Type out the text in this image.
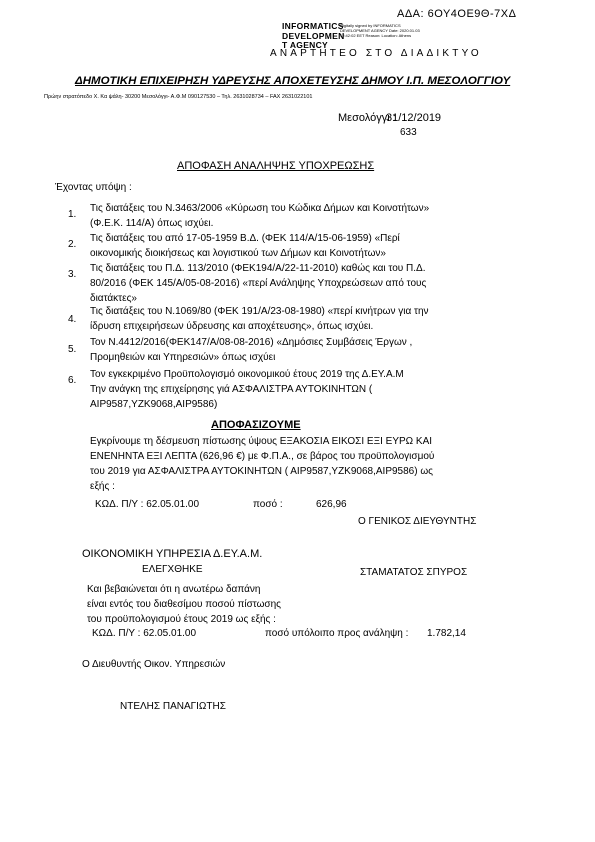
ΑΔΑ: 6ΟΥ4ΟΕ9Θ-7ΧΔ
INFORMATICS
DEVELOPMEN
T AGENCY
Digitally signed by INFORMATICS DEVELOPMENT AGENCY Date: 2020.01.03 12:42:02 EET Reason: Location: Athens
ΑΝΑΡΤΗΤΕΟ ΣΤΟ ΔΙΑΔΙΚΤΥΟ
ΔΗΜΟΤΙΚΗ ΕΠΙΧΕΙΡΗΣΗ ΥΔΡΕΥΣΗΣ ΑΠΟΧΕΤΕΥΣΗΣ ΔΗΜΟΥ Ι.Π. ΜΕΣΟΛΟΓΓΙΟΥ
Πρώην στρατόπεδο Χ. Κα ψάλη- 30200 Μεσολόγγι- Α.Φ.Μ 090127530 – Τηλ. 2631028734 – FAX 2631022101
Μεσολόγγι :
31/12/2019
633
ΑΠΟΦΑΣΗ ΑΝΑΛΗΨΗΣ ΥΠΟΧΡΕΩΣΗΣ
Έχοντας υπόψη :
1.
Τις διατάξεις του Ν.3463/2006 «Κύρωση του Κώδικα Δήμων και Κοινοτήτων»
(Φ.Ε.Κ. 114/Α) όπως ισχύει.
2.
Τις διατάξεις του από 17-05-1959 Β.Δ. (ΦΕΚ 114/Α/15-06-1959) «Περί
οικονομικής διοικήσεως και λογιστικού των Δήμων και Κοινοτήτων»
3.
Τις διατάξεις του Π.Δ. 113/2010 (ΦΕΚ194/Α/22-11-2010) καθώς και του Π.Δ.
80/2016 (ΦΕΚ 145/Α/05-08-2016) «περί Ανάληψης Υποχρεώσεων από τους
διατάκτες»
4.
Τις διατάξεις του Ν.1069/80 (ΦΕΚ 191/Α/23-08-1980) «περί κινήτρων για την
ίδρυση επιχειρήσεων ύδρευσης και αποχέτευσης», όπως ισχύει.
5.
Τον Ν.4412/2016(ΦΕΚ147/Α/08-08-2016) «Δημόσιες Συμβάσεις Έργων ,
Προμηθειών και Υπηρεσιών» όπως ισχύει
6.
Τον εγκεκριμένο Προϋπολογισμό οικονομικού έτους 2019 της Δ.ΕΥ.Α.Μ
Την ανάγκη της επιχείρησης γιά ΑΣΦΑΛΙΣΤΡΑ ΑΥΤΟΚΙΝΗΤΩΝ (
ΑΙΡ9587,YZK9068,AIP9586)
ΑΠΟΦΑΣΙΖΟΥΜΕ
Εγκρίνουμε τη δέσμευση πίστωσης ύψους ΕΞΑΚΟΣΙΑ ΕΙΚΟΣΙ ΕΞΙ ΕΥΡΩ ΚΑΙ
ΕΝΕΝΗΝΤΑ ΕΞΙ ΛΕΠΤΑ (626,96 €) με Φ.Π.Α., σε βάρος του προϋπολογισμού
του 2019 για ΑΣΦΑΛΙΣΤΡΑ ΑΥΤΟΚΙΝΗΤΩΝ ( ΑΙΡ9587,YZK9068,AIP9586) ως
εξής :
ΚΩΔ. Π/Υ : 62.05.01.00	ποσό :	626,96
Ο ΓΕΝΙΚΟΣ ΔΙΕΥΘΥΝΤΗΣ
ΟΙΚΟΝΟΜΙΚΗ ΥΠΗΡΕΣΙΑ Δ.ΕΥ.Α.Μ.
ΕΛΕΓΧΘΗΚΕ	ΣΤΑΜΑΤΑΤΟΣ ΣΠΥΡΟΣ
Και βεβαιώνεται ότι η ανωτέρω δαπάνη
είναι εντός του διαθεσίμου ποσού πίστωσης
του προϋπολογισμού έτους 2019 ως εξής :
ΚΩΔ. Π/Υ : 62.05.01.00	ποσό υπόλοιπο προς ανάληψη : 1.782,14
Ο Διευθυντής Οικον. Υπηρεσιών
ΝΤΕΛΗΣ ΠΑΝΑΓΙΩΤΗΣ
